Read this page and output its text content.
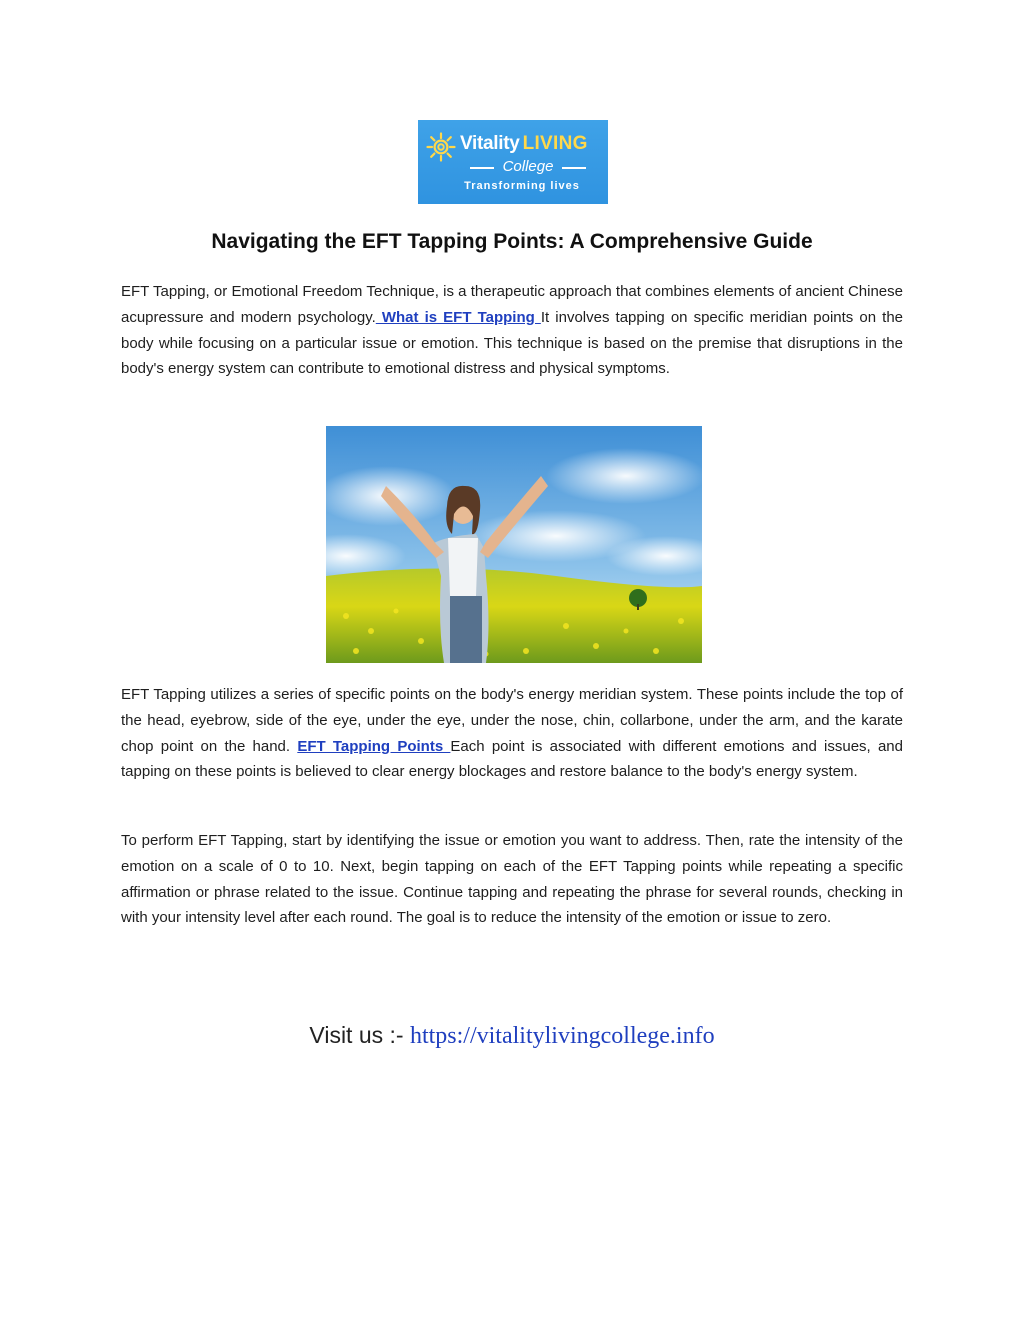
Vitality LIVING
College
Transforming lives
Navigating the EFT Tapping Points: A Comprehensive Guide

EFT Tapping, or Emotional Freedom Technique, is a therapeutic approach that combines elements of ancient Chinese acupressure and modern psychology. What is EFT Tapping It involves tapping on specific meridian points on the body while focusing on a particular issue or emotion. This technique is based on the premise that disruptions in the body's energy system can contribute to emotional distress and physical symptoms.

EFT Tapping utilizes a series of specific points on the body's energy meridian system. These points include the top of the head, eyebrow, side of the eye, under the eye, under the nose, chin, collarbone, under the arm, and the karate chop point on the hand. EFT Tapping Points Each point is associated with different emotions and issues, and tapping on these points is believed to clear energy blockages and restore balance to the body's energy system.

To perform EFT Tapping, start by identifying the issue or emotion you want to address. Then, rate the intensity of the emotion on a scale of 0 to 10. Next, begin tapping on each of the EFT Tapping points while repeating a specific affirmation or phrase related to the issue. Continue tapping and repeating the phrase for several rounds, checking in with your intensity level after each round. The goal is to reduce the intensity of the emotion or issue to zero.

Visit us :- https://vitalitylivingcollege.info
